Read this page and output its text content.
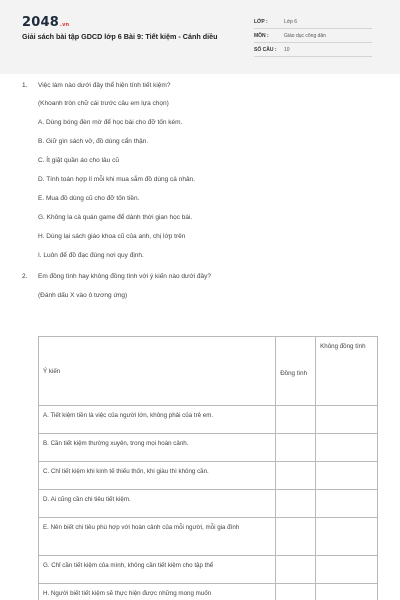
2048.vn
Giải sách bài tập GDCD lớp 6 Bài 9: Tiết kiệm - Cánh diều
LỚP :	Lớp 6
MÔN :	Giáo dục công dân
SỐ CÂU :	10
1.	Việc làm nào dưới đây thể hiện tính tiết kiệm?
(Khoanh tròn chữ cái trước câu em lựa chọn)
A. Dùng bóng đèn mờ để học bài cho đỡ tốn kém.
B. Giữ gìn sách vở, đồ dùng cẩn thận.
C. Ít giặt quần áo cho lâu cũ
D. Tính toán hợp lí mỗi khi mua sắm đồ dùng cá nhân.
E. Mua đồ dùng cũ cho đỡ tốn tiền.
G. Không la cà quán game để dành thời gian học bài.
H. Dùng lại sách giáo khoa cũ của anh, chị lớp trên
I. Luôn để đồ đạc đúng nơi quy định.
2.	Em đồng tình hay không đồng tình với ý kiến nào dưới đây?
(Đánh dấu X vào ô tương ứng)
Ý kiến	Đồng tình	Không đồng tình
A. Tiết kiệm tiền là việc của người lớn, không phải của trẻ em.		
B. Cần tiết kiệm thường xuyên, trong mọi hoàn cảnh.		
C. Chỉ tiết kiệm khi kinh tế thiếu thốn, khi giàu thì không cần.		
D. Ai cũng cần chi tiêu tiết kiệm.		
E. Nên biết chi tiêu phù hợp với hoàn cảnh của mỗi người, mỗi gia đình		
G. Chỉ cần tiết kiệm của mình, không cần tiết kiệm cho tập thể		
H. Người biết tiết kiệm sẽ thực hiện được những mong muốn		
